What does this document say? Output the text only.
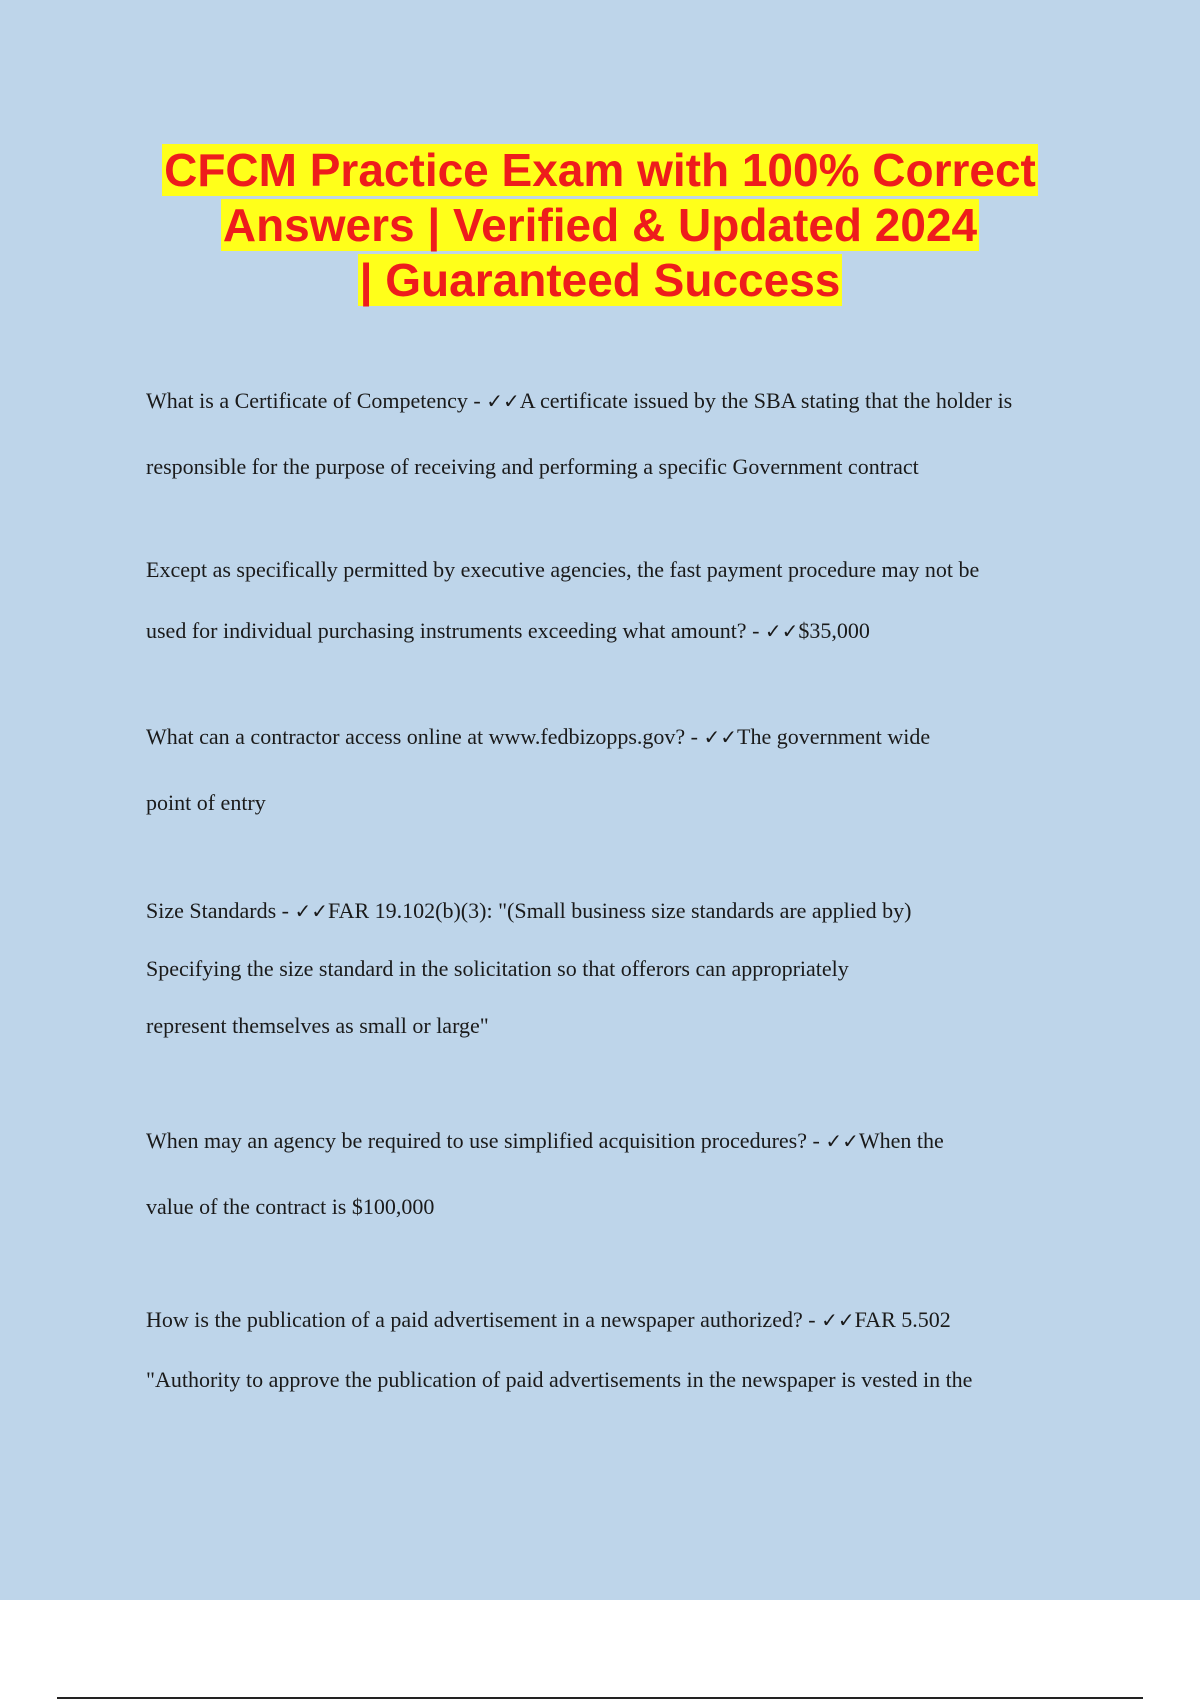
CFCM Practice Exam with 100% Correct
Answers | Verified & Updated 2024
| Guaranteed Success
What is a Certificate of Competency - ✓✓A certificate issued by the SBA stating that the holder is
responsible for the purpose of receiving and performing a specific Government contract
Except as specifically permitted by executive agencies, the fast payment procedure may not be
used for individual purchasing instruments exceeding what amount? - ✓✓$35,000
What can a contractor access online at www.fedbizopps.gov? - ✓✓The government wide
point of entry
Size Standards - ✓✓FAR 19.102(b)(3): "(Small business size standards are applied by)
Specifying the size standard in the solicitation so that offerors can appropriately
represent themselves as small or large"
When may an agency be required to use simplified acquisition procedures? - ✓✓When the
value of the contract is $100,000
How is the publication of a paid advertisement in a newspaper authorized? - ✓✓FAR 5.502
"Authority to approve the publication of paid advertisements in the newspaper is vested in the
